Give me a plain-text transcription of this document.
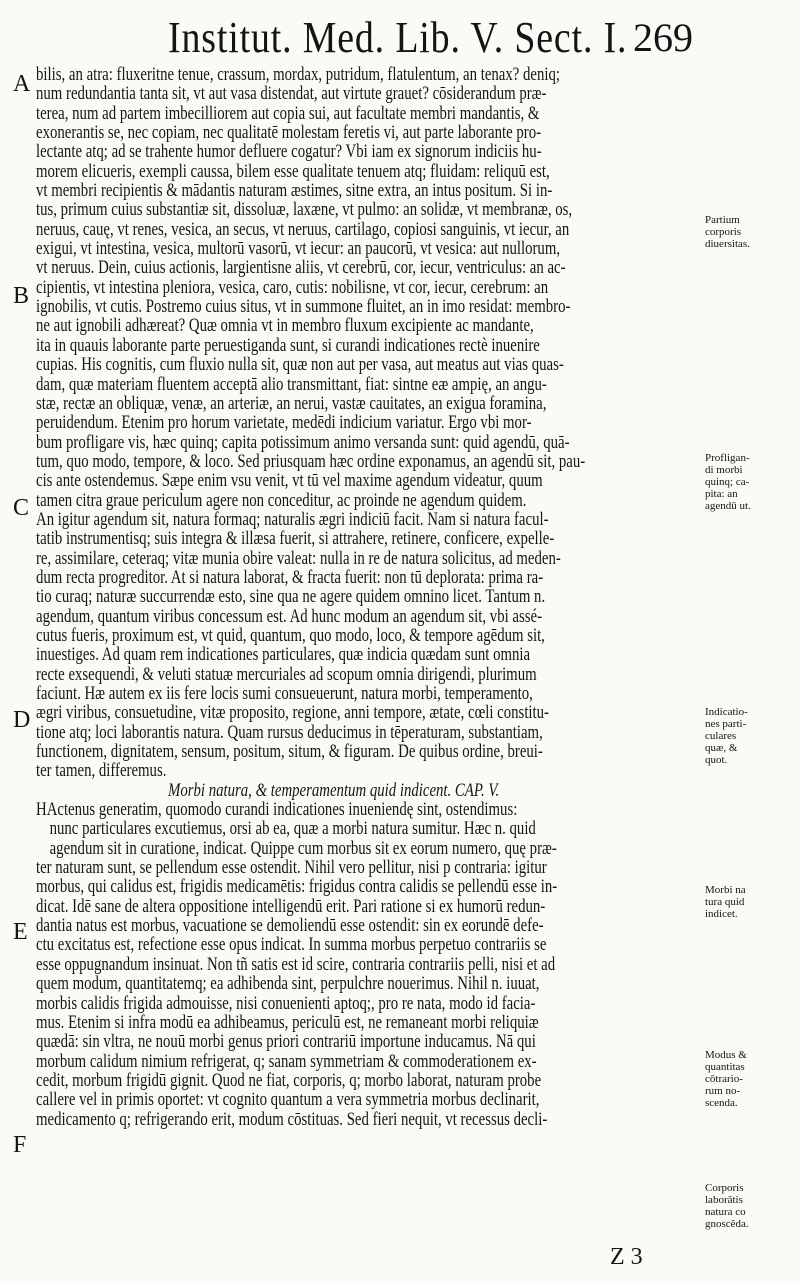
Institut. Med. Lib. V. Sect. I. 269
bilis, an atra: fluxeritne tenue, crassum, mordax, putridum, flatulentum, an tenax? deniq;
num redundantia tanta sit, vt aut vasa distendat, aut virtute grauet? cōsiderandum præ-
terea, num ad partem imbecilliorem aut copia sui, aut facultate membri mandantis, &
exonerantis se, nec copiam, nec qualitatē molestam feretis vi, aut parte laborante pro-
lectante atq; ad se trahente humor defluere cogatur? Vbi iam ex signorum indiciis hu-
morem elicueris, exempli caussa, bilem esse qualitate tenuem atq; fluidam: reliquū est,
vt membri recipientis & mādantis naturam æstimes, sitne extra, an intus positum. Si in-
tus, primum cuius substantiæ sit, dissoluæ, laxæne, vt pulmo: an solidæ, vt membranæ, os,
neruus, cauę, vt renes, vesica, an secus, vt neruus, cartilago, copiosi sanguinis, vt iecur, an
exigui, vt intestina, vesica, multorū vasorū, vt iecur: an paucorū, vt vesica: aut nullorum,
vt neruus. Dein, cuius actionis, largientisne aliis, vt cerebrū, cor, iecur, ventriculus: an ac-
cipientis, vt intestina pleniora, vesica, caro, cutis: nobilisne, vt cor, iecur, cerebrum: an
ignobilis, vt cutis. Postremo cuius situs, vt in summone fluitet, an in imo residat: membro-
ne aut ignobili adhæreat? Quæ omnia vt in membro fluxum excipiente ac mandante,
ita in quauis laborante parte peruestiganda sunt, si curandi indicationes rectè inuenire
cupias. His cognitis, cum fluxio nulla sit, quæ non aut per vasa, aut meatus aut vias quas-
dam, quæ materiam fluentem acceptā alio transmittant, fiat: sintne eæ ampię, an angu-
stæ, rectæ an obliquæ, venæ, an arteriæ, an nerui, vastæ cauitates, an exigua foramina,
peruidendum. Etenim pro horum varietate, medēdi indicium variatur. Ergo vbi mor-
bum profligare vis, hæc quinq; capita potissimum animo versanda sunt: quid agendū, quā-
tum, quo modo, tempore, & loco. Sed priusquam hæc ordine exponamus, an agendū sit, pau-
cis ante ostendemus. Sæpe enim vsu venit, vt tū vel maxime agendum videatur, quum
tamen citra graue periculum agere non conceditur, ac proinde ne agendum quidem.
An igitur agendum sit, natura formaq; naturalis ægri indiciū facit. Nam si natura facul-
tatib instrumentisq; suis integra & illæsa fuerit, si attrahere, retinere, conficere, expelle-
re, assimilare, ceteraq; vitæ munia obire valeat: nulla in re de natura solicitus, ad meden-
dum recta progreditor. At si natura laborat, & fracta fuerit: non tū deplorata: prima ra-
tio curaq; naturæ succurrendæ esto, sine qua ne agere quidem omnino licet. Tantum n.
agendum, quantum viribus concessum est. Ad hunc modum an agendum sit, vbi assé-
cutus fueris, proximum est, vt quid, quantum, quo modo, loco, & tempore agēdum sit,
inuestiges. Ad quam rem indicationes particulares, quæ indicia quædam sunt omnia
recte exsequendi, & veluti statuæ mercuriales ad scopum omnia dirigendi, plurimum
faciunt. Hæ autem ex iis fere locis sumi consueuerunt, natura morbi, temperamento,
ægri viribus, consuetudine, vitæ proposito, regione, anni tempore, ætate, cœli constitu-
tione atq; loci laborantis natura. Quam rursus deducimus in tēperaturam, substantiam,
functionem, dignitatem, sensum, positum, situm, & figuram. De quibus ordine, breui-
ter tamen, differemus.
Morbi natura, & temperamentum quid indicent. CAP. V.
HActenus generatim, quomodo curandi indicationes inueniendę sint, ostendimus:
nunc particulares excutiemus, orsi ab ea, quæ a morbi natura sumitur. Hæc n. quid
agendum sit in curatione, indicat. Quippe cum morbus sit ex eorum numero, quę præ-
ter naturam sunt, se pellendum esse ostendit. Nihil vero pellitur, nisi p contraria: igitur
morbus, qui calidus est, frigidis medicamētis: frigidus contra calidis se pellendū esse in-
dicat. Idē sane de altera oppositione intelligendū erit. Pari ratione si ex humorū redun-
dantia natus est morbus, vacuatione se demoliendū esse ostendit: sin ex eorundē defe-
ctu excitatus est, refectione esse opus indicat. In summa morbus perpetuo contrariis se
esse oppugnandum insinuat. Non tñ satis est id scire, contraria contrariis pelli, nisi et ad
quem modum, quantitatemq; ea adhibenda sint, perpulchre nouerimus. Nihil n. iuuat,
morbis calidis frigida admouisse, nisi conuenienti aptoq;, pro re nata, modo id facia-
mus. Etenim si infra modū ea adhibeamus, periculū est, ne remaneant morbi reliquiæ
quædā: sin vltra, ne nouū morbi genus priori contrariū importune inducamus. Nā qui
morbum calidum nimium refrigerat, q; sanam symmetriam & commoderationem ex-
cedit, morbum frigidū gignit. Quod ne fiat, corporis, q; morbo laborat, naturam probe
callere vel in primis oportet: vt cognito quantum a vera symmetria morbus declinarit,
medicamento q; refrigerando erit, modum cōstituas. Sed fieri nequit, vt recessus decli-
A
B
C
D
E
F
Partium
corporis
diuersitas.
Profligan-
di morbi
quinq; ca-
pita: an
agendū ut.
Indicatio-
nes parti-
culares
quæ, &
quot.
Morbi na
tura quid
indicet.
Modus &
quantitas
cōtrario-
rum no-
scenda.
Corporis
laborātis
natura co
gnoscēda.
Z 3
